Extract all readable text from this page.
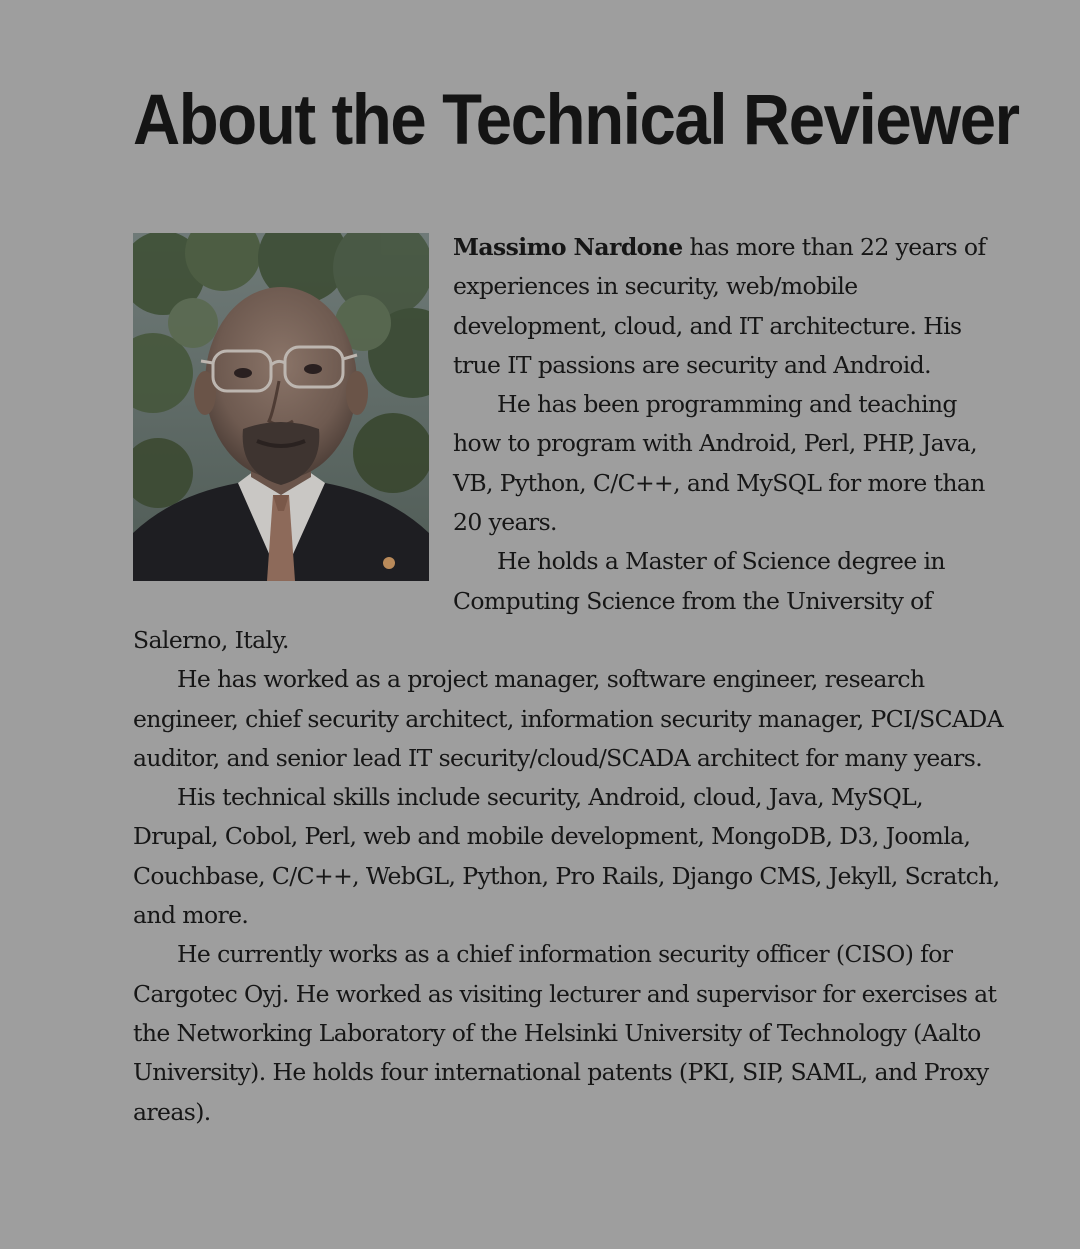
About the Technical Reviewer

Massimo Nardone has more than 22 years of experiences in security, web/mobile development, cloud, and IT architecture. His true IT passions are security and Android.

He has been programming and teaching how to program with Android, Perl, PHP, Java, VB, Python, C/C++, and MySQL for more than 20 years.

He holds a Master of Science degree in Computing Science from the University of Salerno, Italy.

He has worked as a project manager, software engineer, research engineer, chief security architect, information security manager, PCI/SCADA auditor, and senior lead IT security/cloud/SCADA architect for many years.

His technical skills include security, Android, cloud, Java, MySQL, Drupal, Cobol, Perl, web and mobile development, MongoDB, D3, Joomla, Couchbase, C/C++, WebGL, Python, Pro Rails, Django CMS, Jekyll, Scratch, and more.

He currently works as a chief information security officer (CISO) for Cargotec Oyj. He worked as visiting lecturer and supervisor for exercises at the Networking Laboratory of the Helsinki University of Technology (Aalto University). He holds four international patents (PKI, SIP, SAML, and Proxy areas).
